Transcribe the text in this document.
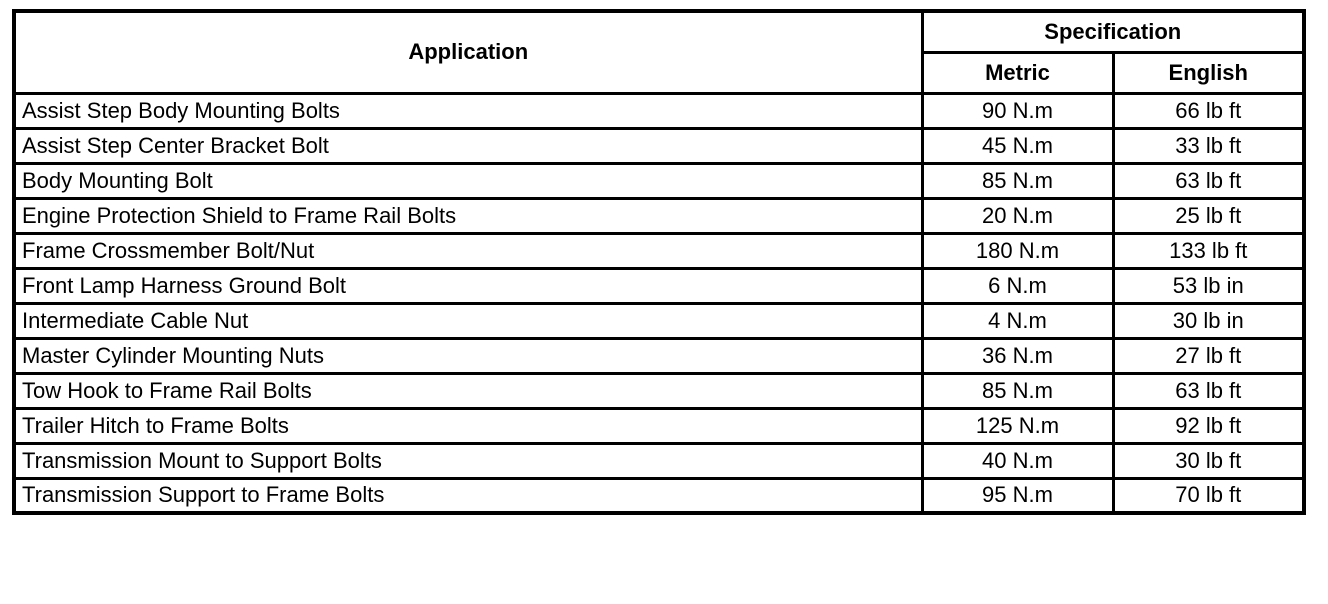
Application	Specification	
	Metric	English
Assist Step Body Mounting Bolts	90 N.m	66 lb ft
Assist Step Center Bracket Bolt	45 N.m	33 lb ft
Body Mounting Bolt	85 N.m	63 lb ft
Engine Protection Shield to Frame Rail Bolts	20 N.m	25 lb ft
Frame Crossmember Bolt/Nut	180 N.m	133 lb ft
Front Lamp Harness Ground Bolt	6 N.m	53 lb in
Intermediate Cable Nut	4 N.m	30 lb in
Master Cylinder Mounting Nuts	36 N.m	27 lb ft
Tow Hook to Frame Rail Bolts	85 N.m	63 lb ft
Trailer Hitch to Frame Bolts	125 N.m	92 lb ft
Transmission Mount to Support Bolts	40 N.m	30 lb ft
Transmission Support to Frame Bolts	95 N.m	70 lb ft
